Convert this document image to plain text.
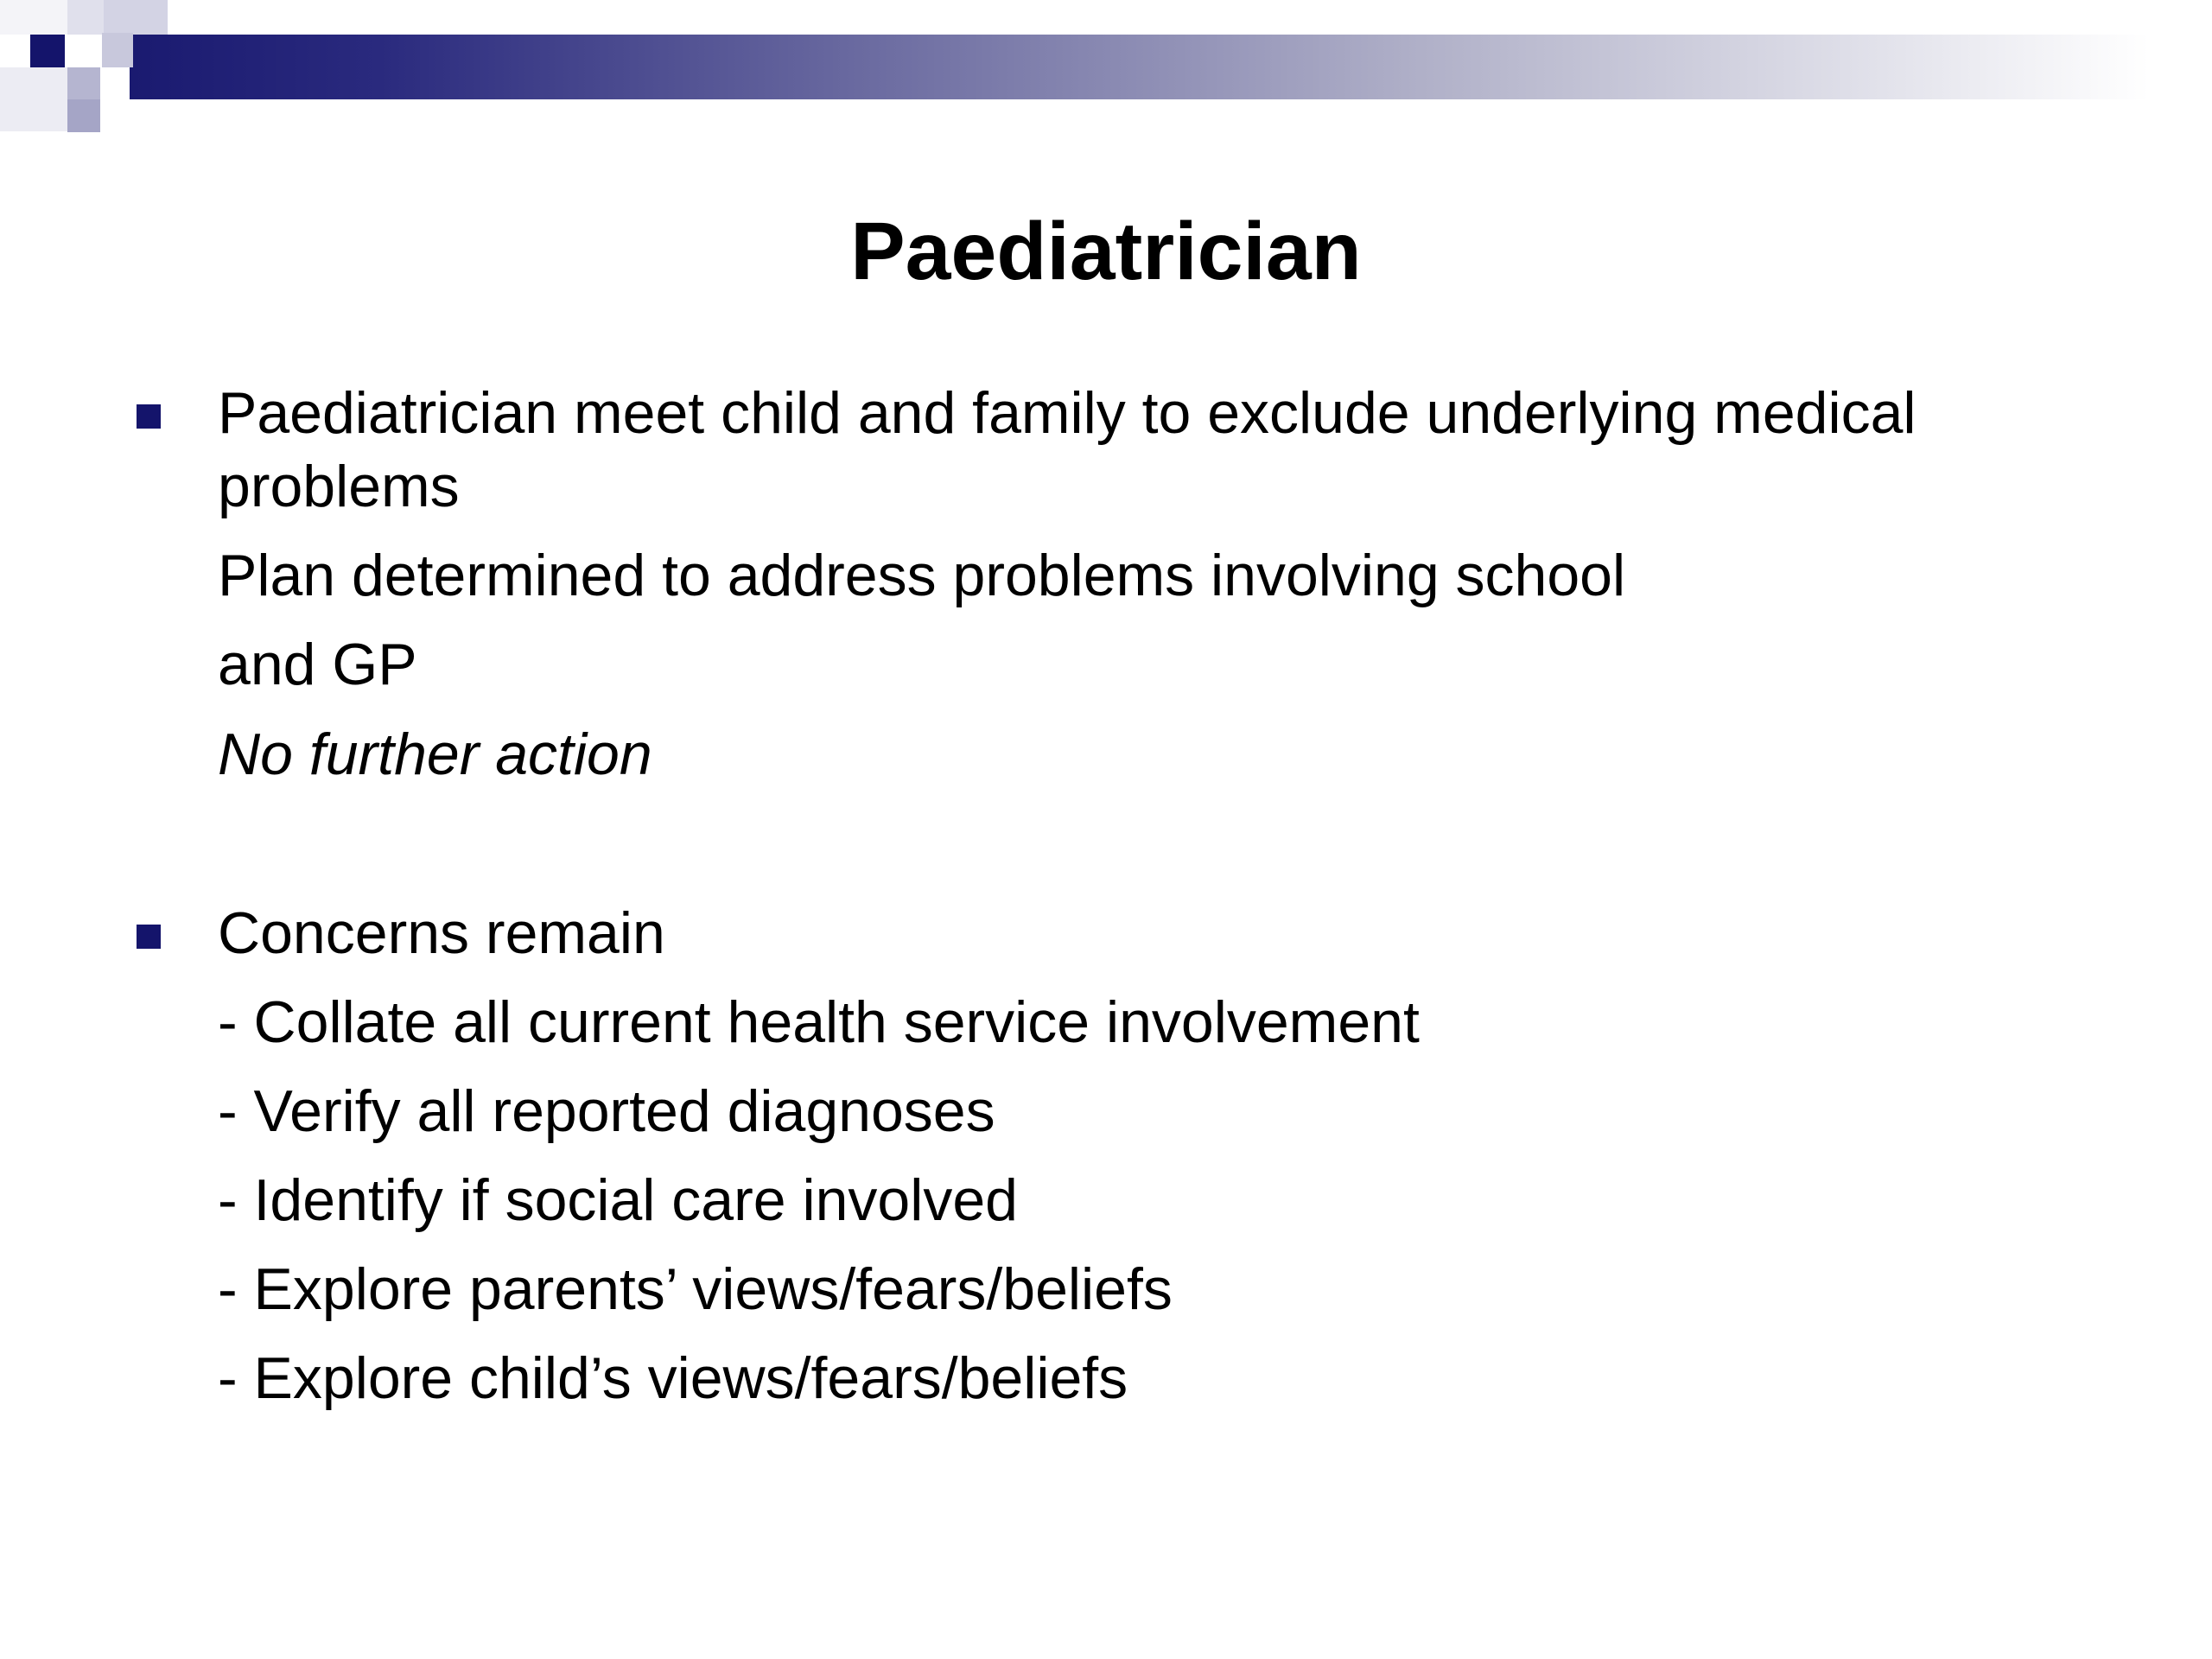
Paediatrician
Paediatrician meet child and family to exclude underlying medical
problems
Plan determined to address problems involving school
and GP
No further action
Concerns remain
- Collate all current health service involvement
- Verify all reported diagnoses
- Identify if social care involved
- Explore parents’ views/fears/beliefs
- Explore child’s views/fears/beliefs
